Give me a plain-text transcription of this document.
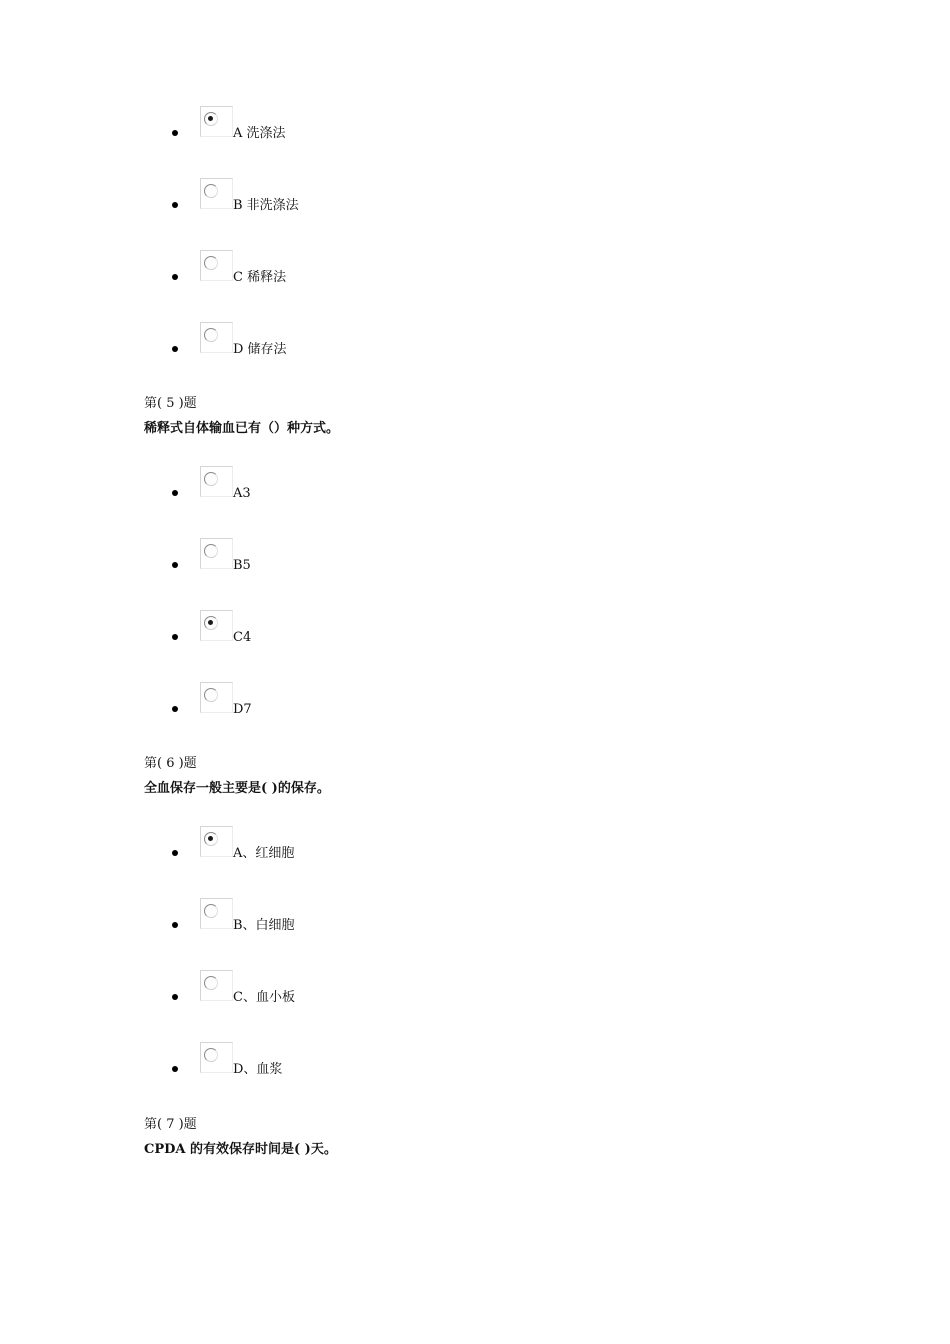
A 洗涤法
B 非洗涤法
C 稀释法
D 储存法
第( 5 )题
稀释式自体输血已有（）种方式。
A3
B5
C4
D7
第( 6 )题
全血保存一般主要是( )的保存。
A、红细胞
B、白细胞
C、血小板
D、血浆
第( 7 )题
CPDA 的有效保存时间是( )天。
